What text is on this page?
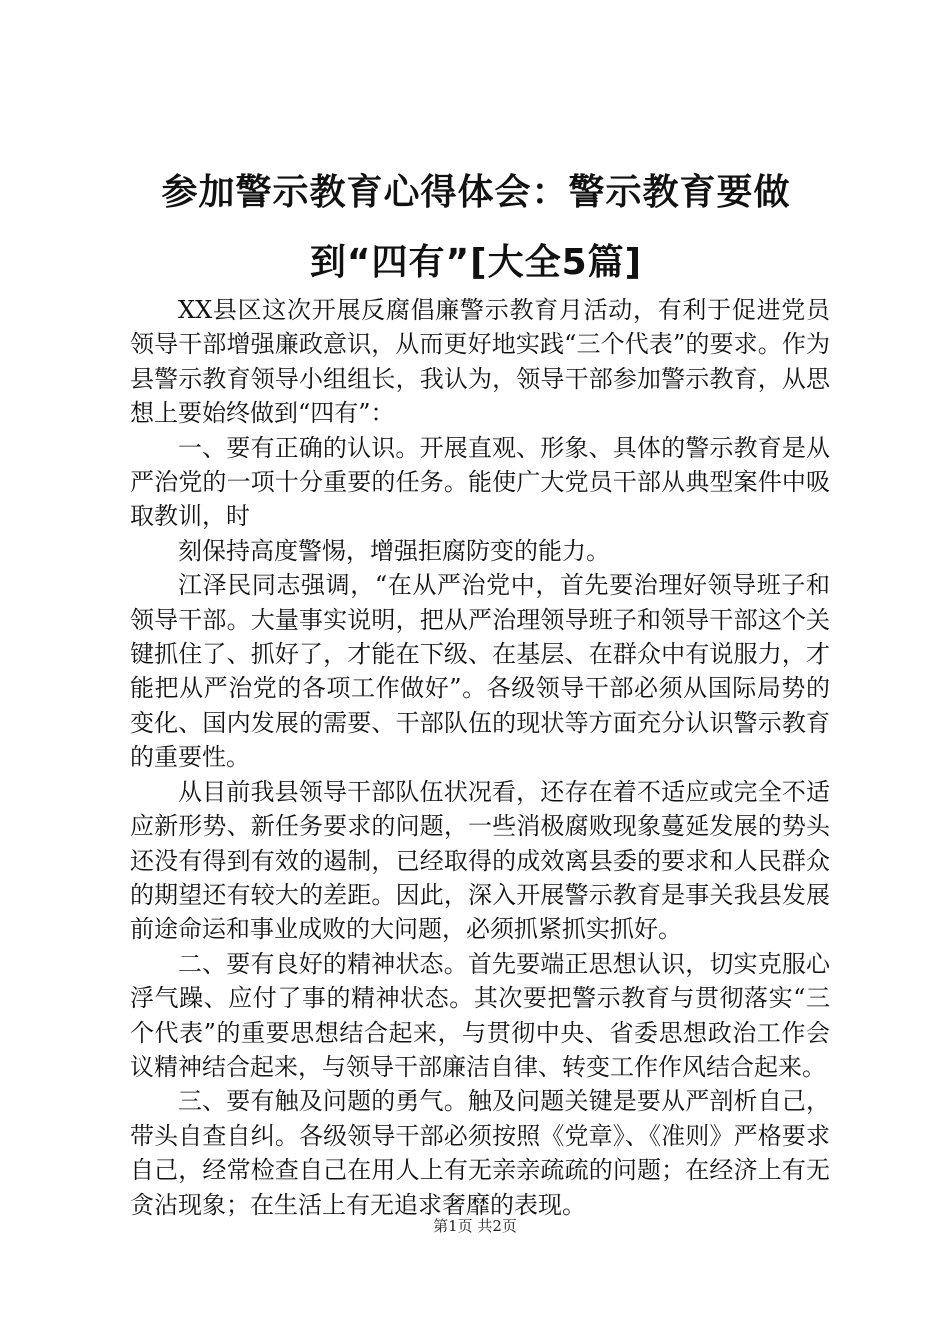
参加警示教育心得体会：警示教育要做到“四有”[大全5篇]

XX县区这次开展反腐倡廉警示教育月活动，有利于促进党员领导干部增强廉政意识，从而更好地实践“三个代表”的要求。作为县警示教育领导小组组长，我认为，领导干部参加警示教育，从思想上要始终做到“四有”：

一、要有正确的认识。开展直观、形象、具体的警示教育是从严治党的一项十分重要的任务。能使广大党员干部从典型案件中吸取教训，时

刻保持高度警惕，增强拒腐防变的能力。

江泽民同志强调，“在从严治党中，首先要治理好领导班子和领导干部。大量事实说明，把从严治理领导班子和领导干部这个关键抓住了、抓好了，才能在下级、在基层、在群众中有说服力，才能把从严治党的各项工作做好”。各级领导干部必须从国际局势的变化、国内发展的需要、干部队伍的现状等方面充分认识警示教育的重要性。

从目前我县领导干部队伍状况看，还存在着不适应或完全不适应新形势、新任务要求的问题，一些消极腐败现象蔓延发展的势头还没有得到有效的遏制，已经取得的成效离县委的要求和人民群众的期望还有较大的差距。因此，深入开展警示教育是事关我县发展前途命运和事业成败的大问题，必须抓紧抓实抓好。

二、要有良好的精神状态。首先要端正思想认识，切实克服心浮气躁、应付了事的精神状态。其次要把警示教育与贯彻落实“三个代表”的重要思想结合起来，与贯彻中央、省委思想政治工作会议精神结合起来，与领导干部廉洁自律、转变工作作风结合起来。

三、要有触及问题的勇气。触及问题关键是要从严剖析自己，带头自查自纠。各级领导干部必须按照《党章》、《准则》严格要求自己，经常检查自己在用人上有无亲亲疏疏的问题；在经济上有无贪沾现象；在生活上有无追求奢靡的表现。

第1页 共2页
